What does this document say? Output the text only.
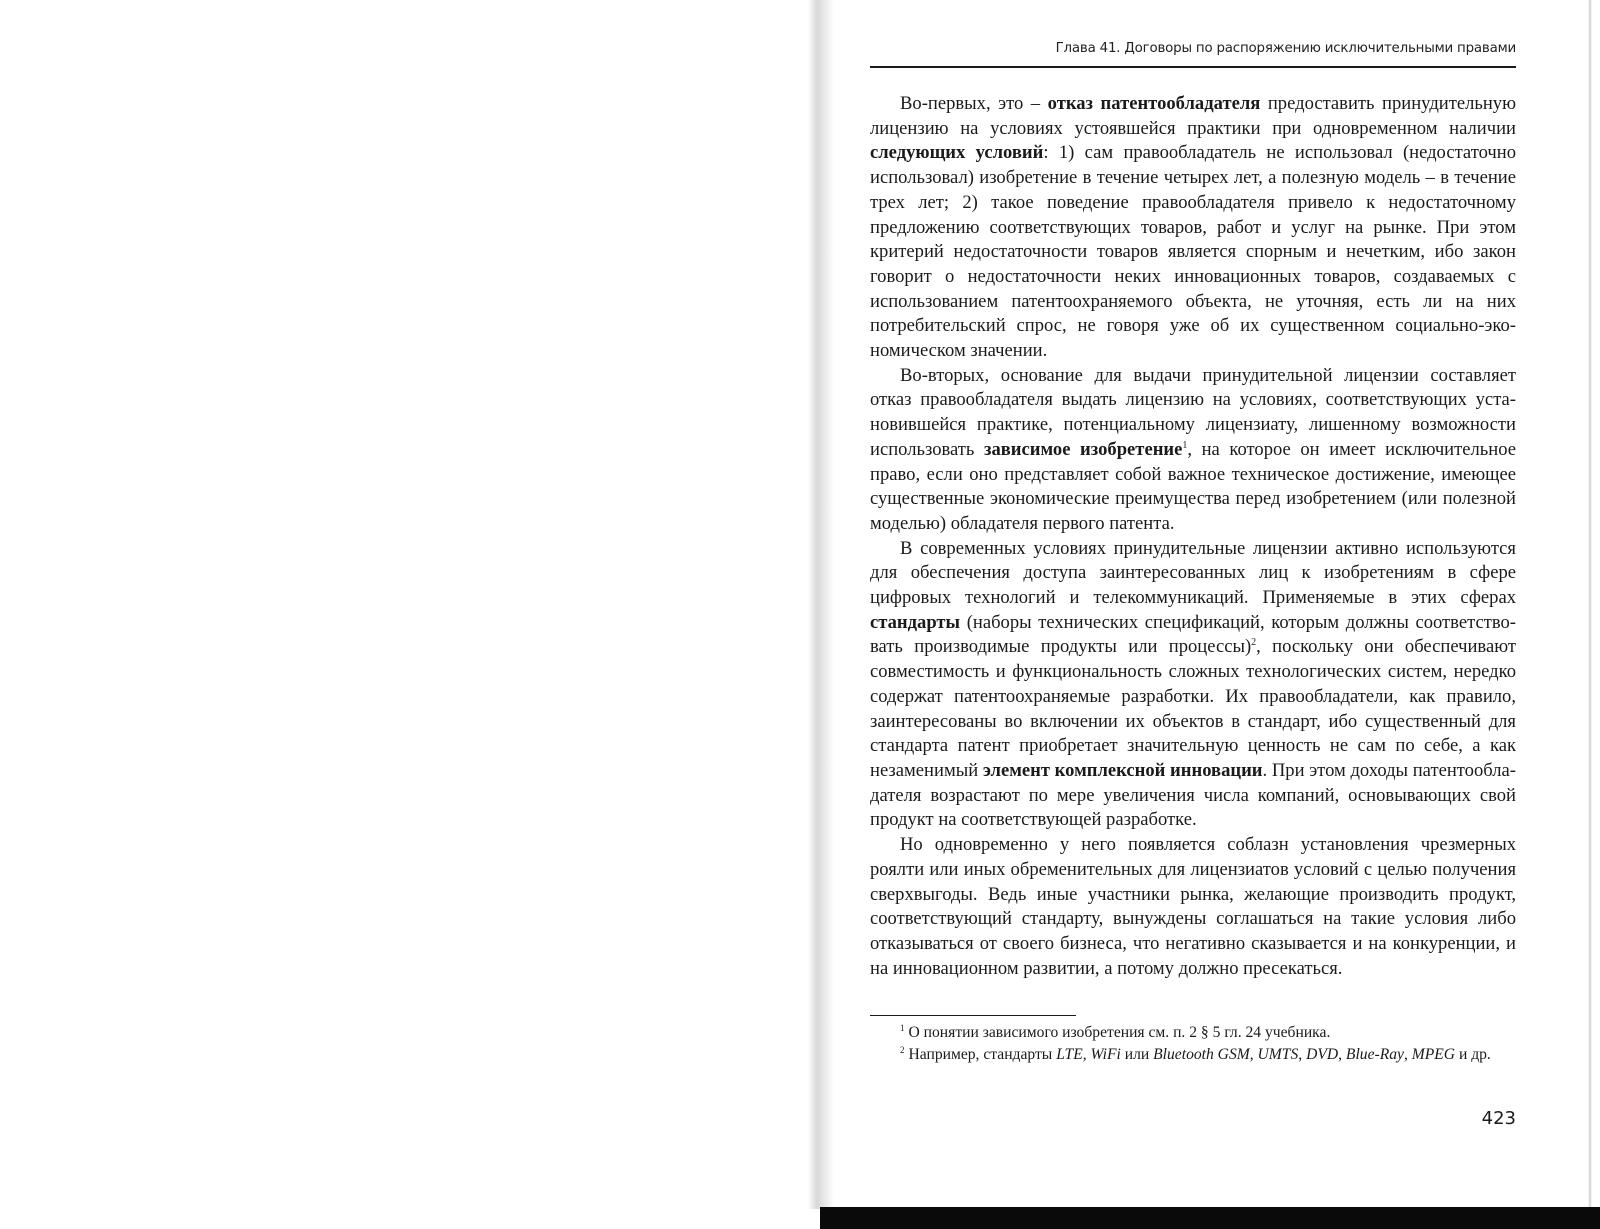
Глава 41. Договоры по распоряжению исключительными правами

Во-первых, это – отказ патентообладателя предоставить принудительную лицензию на условиях устоявшейся практики при одновременном наличии следующих условий: 1) сам правообладатель не использовал (недостаточно использовал) изобретение в течение четырех лет, а полезную модель – в течение трех лет; 2) такое поведение правообладателя привело к недостаточному предложению соответствующих товаров, работ и услуг на рынке. При этом критерий недостаточности товаров является спорным и нечетким, ибо закон говорит о недостаточности неких инновационных товаров, создаваемых с использованием патентоохраняемого объекта, не уточняя, есть ли на них потребительский спрос, не говоря уже об их существенном социально-экономическом значении.

Во-вторых, основание для выдачи принудительной лицензии составляет отказ правообладателя выдать лицензию на условиях, соответствующих установившейся практике, потенциальному лицензиату, лишенному возможности использовать зависимое изобретение$^1$, на которое он имеет исключительное право, если оно представляет собой важное техническое достижение, имеющее существенные экономические преимущества перед изобретением (или полезной моделью) обладателя первого патента.

В современных условиях принудительные лицензии активно используются для обеспечения доступа заинтересованных лиц к изобретениям в сфере цифровых технологий и телекоммуникаций. Применяемые в этих сферах стандарты (наборы технических спецификаций, которым должны соответствовать производимые продукты или процессы)$^2$, поскольку они обеспечивают совместимость и функциональность сложных технологических систем, нередко содержат патентоохраняемые разработки. Их правообладатели, как правило, заинтересованы во включении их объектов в стандарт, ибо существенный для стандарта патент приобретает значительную ценность не сам по себе, а как незаменимый элемент комплексной инновации. При этом доходы патентообладателя возрастают по мере увеличения числа компаний, основывающих свой продукт на соответствующей разработке.

Но одновременно у него появляется соблазн установления чрезмерных роялти или иных обременительных для лицензиатов условий с целью получения сверхвыгоды. Ведь иные участники рынка, желающие производить продукт, соответствующий стандарту, вынуждены соглашаться на такие условия либо отказываться от своего бизнеса, что негативно сказывается и на конкуренции, и на инновационном развитии, а потому должно пресекаться.

$^1$ О понятии зависимого изобретения см. п. 2 § 5 гл. 24 учебника.

$^2$ Например, стандарты LTE, WiFi или Bluetooth GSM, UMTS, DVD, Blue-Ray, MPEG и др.

423
